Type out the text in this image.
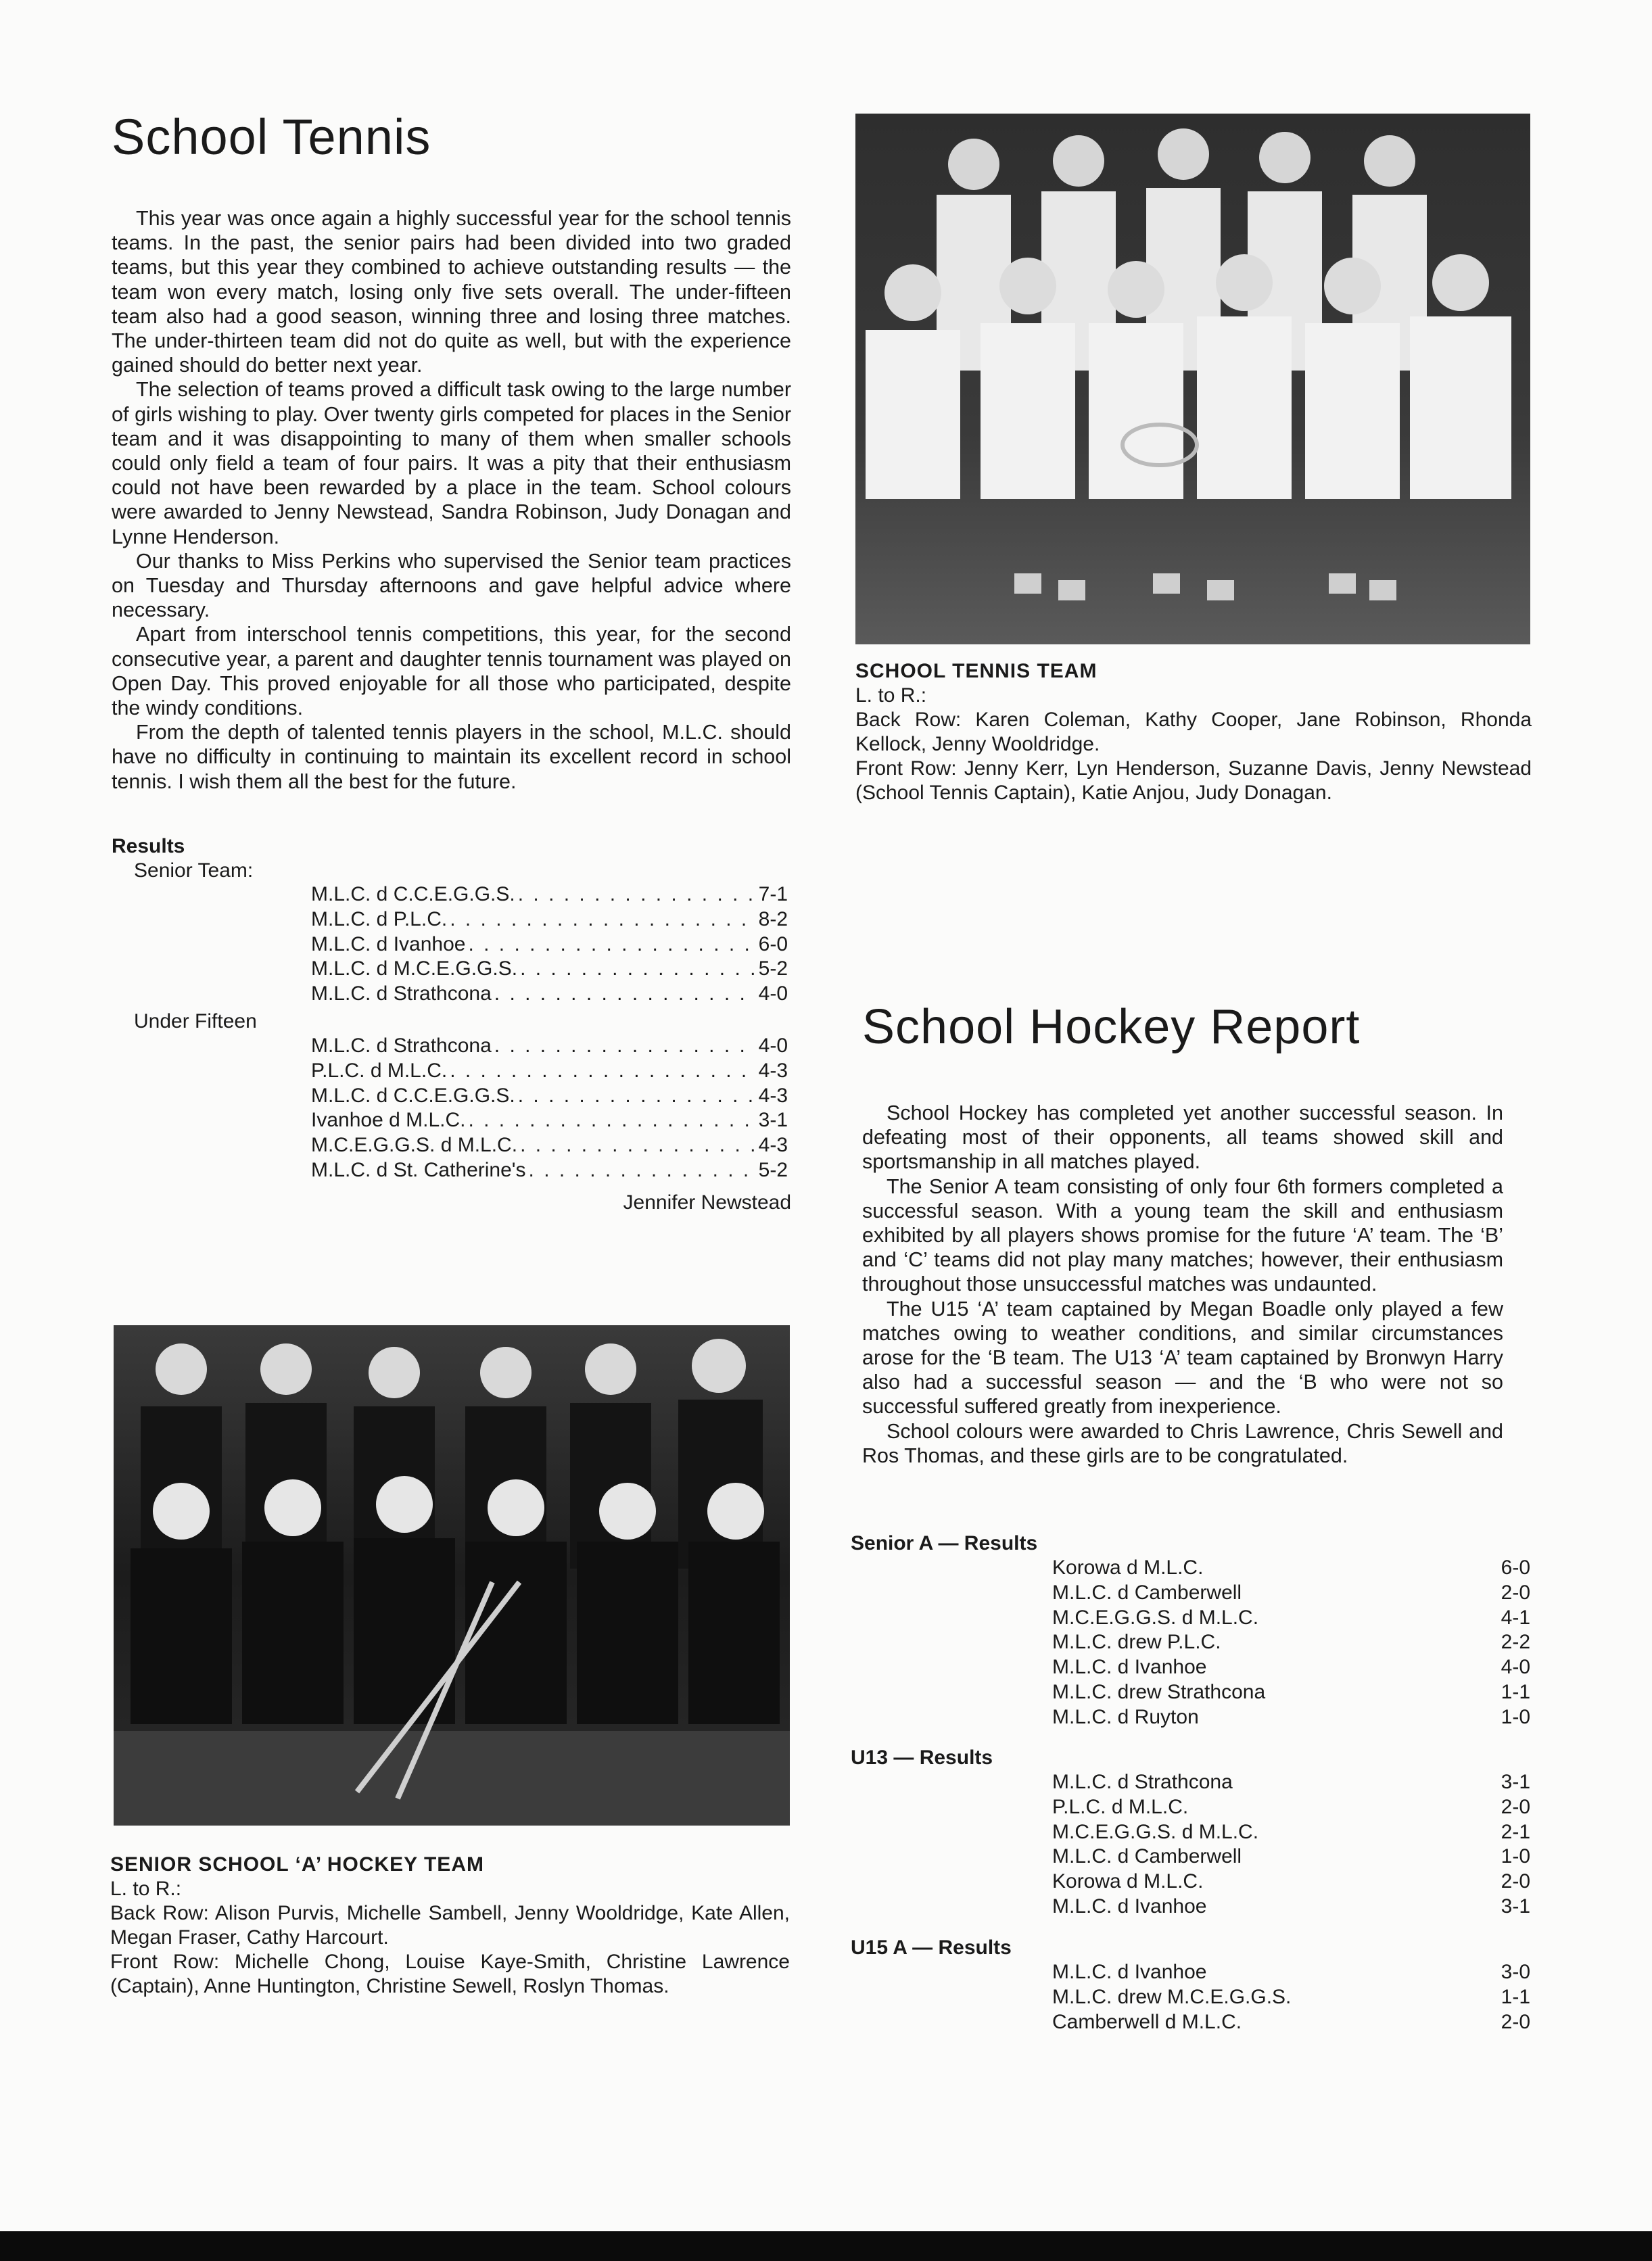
School Tennis

This year was once again a highly successful year for the school tennis teams. In the past, the senior pairs had been divided into two graded teams, but this year they combined to achieve outstanding results — the team won every match, losing only five sets overall. The under-fifteen team also had a good season, winning three and losing three matches. The under-thirteen team did not do quite as well, but with the experience gained should do better next year.

The selection of teams proved a difficult task owing to the large number of girls wishing to play. Over twenty girls competed for places in the Senior team and it was disappointing to many of them when smaller schools could only field a team of four pairs. It was a pity that their enthusiasm could not have been rewarded by a place in the team. School colours were awarded to Jenny Newstead, Sandra Robinson, Judy Donagan and Lynne Henderson.

Our thanks to Miss Perkins who supervised the Senior team practices on Tuesday and Thursday afternoons and gave helpful advice where necessary.

Apart from interschool tennis competitions, this year, for the second consecutive year, a parent and daughter tennis tournament was played on Open Day. This proved enjoyable for all those who participated, despite the windy conditions.

From the depth of talented tennis players in the school, M.L.C. should have no difficulty in continuing to maintain its excellent record in school tennis. I wish them all the best for the future.

Results
Senior Team:
M.L.C. d C.C.E.G.G.S. . . .	7-1
M.L.C. d P.L.C. . . .	8-2
M.L.C. d Ivanhoe . . .	6-0
M.L.C. d M.C.E.G.G.S. . . .	5-2
M.L.C. d Strathcona . . .	4-0
Under Fifteen
M.L.C. d Strathcona . . .	4-0
P.L.C. d M.L.C. . . .	4-3
M.L.C. d C.C.E.G.G.S. . . .	4-3
Ivanhoe d M.L.C. . . .	3-1
M.C.E.G.G.S. d M.L.C. . . .	4-3
M.L.C. d St. Catherine's . . .	5-2
Jennifer Newstead

SENIOR SCHOOL ‘A’ HOCKEY TEAM

L. to R.:

Back Row: Alison Purvis, Michelle Sambell, Jenny Wooldridge, Kate Allen, Megan Fraser, Cathy Harcourt.

Front Row: Michelle Chong, Louise Kaye-Smith, Christine Lawrence (Captain), Anne Huntington, Christine Sewell, Roslyn Thomas.

SCHOOL TENNIS TEAM

L. to R.:

Back Row: Karen Coleman, Kathy Cooper, Jane Robinson, Rhonda Kellock, Jenny Wooldridge.

Front Row: Jenny Kerr, Lyn Henderson, Suzanne Davis, Jenny Newstead (School Tennis Captain), Katie Anjou, Judy Donagan.

School Hockey Report

School Hockey has completed yet another successful season. In defeating most of their opponents, all teams showed skill and sportsmanship in all matches played.

The Senior A team consisting of only four 6th formers completed a successful season. With a young team the skill and enthusiasm exhibited by all players shows promise for the future ‘A’ team. The ‘B’ and ‘C’ teams did not play many matches; however, their enthusiasm throughout those unsuccessful matches was undaunted.

The U15 ‘A’ team captained by Megan Boadle only played a few matches owing to weather conditions, and similar circumstances arose for the ‘B team. The U13 ‘A’ team captained by Bronwyn Harry also had a successful season — and the ‘B who were not so successful suffered greatly from inexperience.

School colours were awarded to Chris Lawrence, Chris Sewell and Ros Thomas, and these girls are to be congratulated.

Senior A — Results
Korowa d M.L.C.	6-0
M.L.C. d Camberwell	2-0
M.C.E.G.G.S. d M.L.C.	4-1
M.L.C. drew P.L.C.	2-2
M.L.C. d Ivanhoe	4-0
M.L.C. drew Strathcona	1-1
M.L.C. d Ruyton	1-0
U13 — Results
M.L.C. d Strathcona	3-1
P.L.C. d M.L.C.	2-0
M.C.E.G.G.S. d M.L.C.	2-1
M.L.C. d Camberwell	1-0
Korowa d M.L.C.	2-0
M.L.C. d Ivanhoe	3-1
U15 A — Results
M.L.C. d Ivanhoe	3-0
M.L.C. drew M.C.E.G.G.S.	1-1
Camberwell d M.L.C.	2-0
